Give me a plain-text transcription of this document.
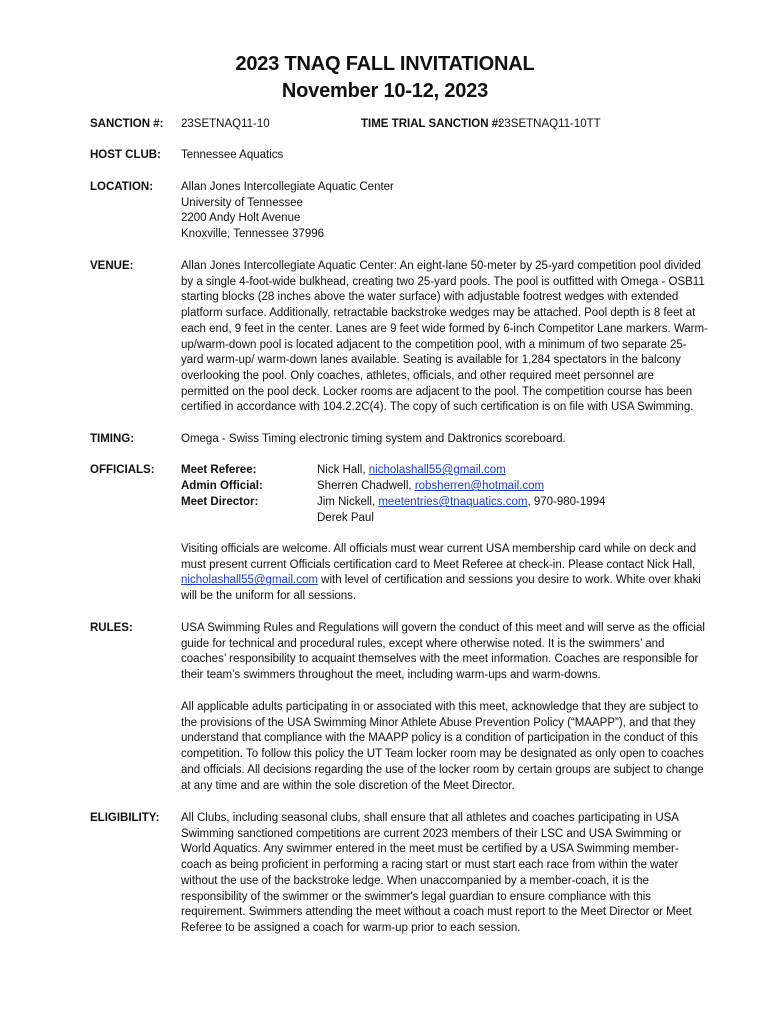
2023 TNAQ FALL INVITATIONAL
November 10-12, 2023
SANCTION #: 23SETNAQ11-10	TIME TRIAL SANCTION #:
23SETNAQ11-10TT
HOST CLUB: Tennessee Aquatics
LOCATION: Allan Jones Intercollegiate Aquatic Center
University of Tennessee
2200 Andy Holt Avenue
Knoxville, Tennessee 37996
VENUE:	Allan Jones Intercollegiate Aquatic Center: An eight-lane 50-meter by 25-yard competition pool divided
by a single 4-foot-wide bulkhead, creating two 25-yard pools. The pool is outfitted with Omega - OSB11
starting blocks (28 inches above the water surface) with adjustable footrest wedges with extended
platform surface. Additionally, retractable backstroke wedges may be attached. Pool depth is 8 feet at
each end, 9 feet in the center. Lanes are 9 feet wide formed by 6-inch Competitor Lane markers. Warm-
up/warm-down pool is located adjacent to the competition pool, with a minimum of two separate 25-
yard warm-up/ warm-down lanes available. Seating is available for 1,284 spectators in the balcony
overlooking the pool. Only coaches, athletes, officials, and other required meet personnel are
permitted on the pool deck. Locker rooms are adjacent to the pool. The competition course has been
certified in accordance with 104.2.2C(4). The copy of such certification is on file with USA Swimming.
TIMING:	Omega - Swiss Timing electronic timing system and Daktronics scoreboard.
OFFICIALS: Meet Referee:	Nick Hall, nicholashall55@gmail.com
Admin Official:	Sherren Chadwell, robsherren@hotmail.com
Meet Director:	Jim Nickell, meetentries@tnaquatics.com, 970-980-1994
Derek Paul
Visiting officials are welcome. All officials must wear current USA membership card while on deck and
must present current Officials certification card to Meet Referee at check-in. Please contact Nick Hall,
nicholashall55@gmail.com with level of certification and sessions you desire to work. White over khaki
will be the uniform for all sessions.
RULES:	USA Swimming Rules and Regulations will govern the conduct of this meet and will serve as the official
guide for technical and procedural rules, except where otherwise noted. It is the swimmers’ and
coaches’ responsibility to acquaint themselves with the meet information. Coaches are responsible for
their team’s swimmers throughout the meet, including warm-ups and warm-downs.
All applicable adults participating in or associated with this meet, acknowledge that they are subject to
the provisions of the USA Swimming Minor Athlete Abuse Prevention Policy (“MAAPP”), and that they
understand that compliance with the MAAPP policy is a condition of participation in the conduct of this
competition. To follow this policy the UT Team locker room may be designated as only open to coaches
and officials. All decisions regarding the use of the locker room by certain groups are subject to change
at any time and are within the sole discretion of the Meet Director.
ELIGIBILITY: All Clubs, including seasonal clubs, shall ensure that all athletes and coaches participating in USA
Swimming sanctioned competitions are current 2023 members of their LSC and USA Swimming or
World Aquatics. Any swimmer entered in the meet must be certified by a USA Swimming member-
coach as being proficient in performing a racing start or must start each race from within the water
without the use of the backstroke ledge. When unaccompanied by a member-coach, it is the
responsibility of the swimmer or the swimmer's legal guardian to ensure compliance with this
requirement. Swimmers attending the meet without a coach must report to the Meet Director or Meet
Referee to be assigned a coach for warm-up prior to each session.
